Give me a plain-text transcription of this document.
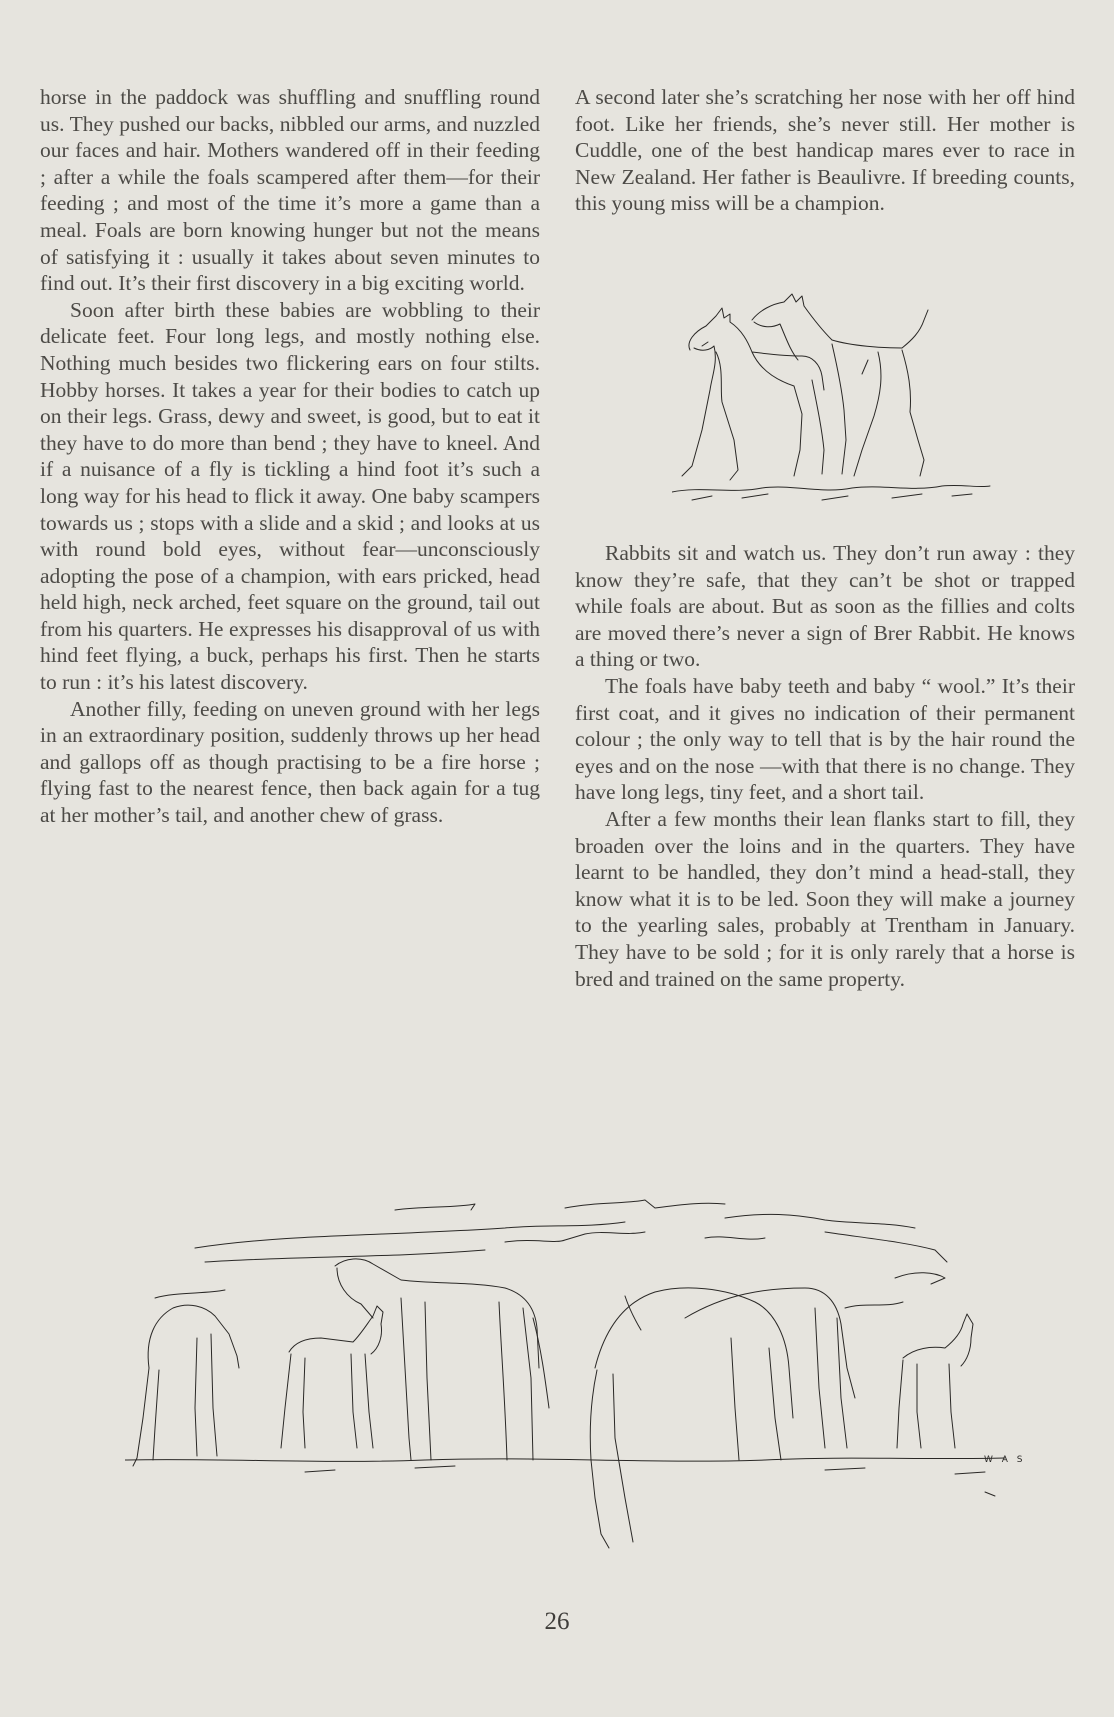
horse in the paddock was shuffling and snuffling round us. They pushed our backs, nibbled our arms, and nuzzled our faces and hair. Mothers wandered off in their feeding ; after a while the foals scampered after them—for their feeding ; and most of the time it’s more a game than a meal. Foals are born knowing hunger but not the means of satisfying it : usually it takes about seven minutes to find out. It’s their first discovery in a big exciting world.

Soon after birth these babies are wobbling to their delicate feet. Four long legs, and mostly nothing else. Nothing much besides two flickering ears on four stilts. Hobby horses. It takes a year for their bodies to catch up on their legs. Grass, dewy and sweet, is good, but to eat it they have to do more than bend ; they have to kneel. And if a nuisance of a fly is tickling a hind foot it’s such a long way for his head to flick it away. One baby scampers towards us ; stops with a slide and a skid ; and looks at us with round bold eyes, without fear—unconsciously adopting the pose of a champion, with ears pricked, head held high, neck arched, feet square on the ground, tail out from his quarters. He expresses his disapproval of us with hind feet flying, a buck, perhaps his first. Then he starts to run : it’s his latest discovery.

Another filly, feeding on uneven ground with her legs in an extraordinary position, suddenly throws up her head and gallops off as though practising to be a fire horse ; flying fast to the nearest fence, then back again for a tug at her mother’s tail, and another chew of grass.

A second later she’s scratching her nose with her off hind foot. Like her friends, she’s never still. Her mother is Cuddle, one of the best handicap mares ever to race in New Zealand. Her father is Beaulivre. If breeding counts, this young miss will be a champion.

Rabbits sit and watch us. They don’t run away : they know they’re safe, that they can’t be shot or trapped while foals are about. But as soon as the fillies and colts are moved there’s never a sign of Brer Rabbit. He knows a thing or two.

The foals have baby teeth and baby “ wool.” It’s their first coat, and it gives no indication of their permanent colour ; the only way to tell that is by the hair round the eyes and on the nose —with that there is no change. They have long legs, tiny feet, and a short tail.

After a few months their lean flanks start to fill, they broaden over the loins and in the quarters. They have learnt to be handled, they don’t mind a head-stall, they know what it is to be led. Soon they will make a journey to the yearling sales, probably at Trentham in January. They have to be sold ; for it is only rarely that a horse is bred and trained on the same property.

W A S
26
